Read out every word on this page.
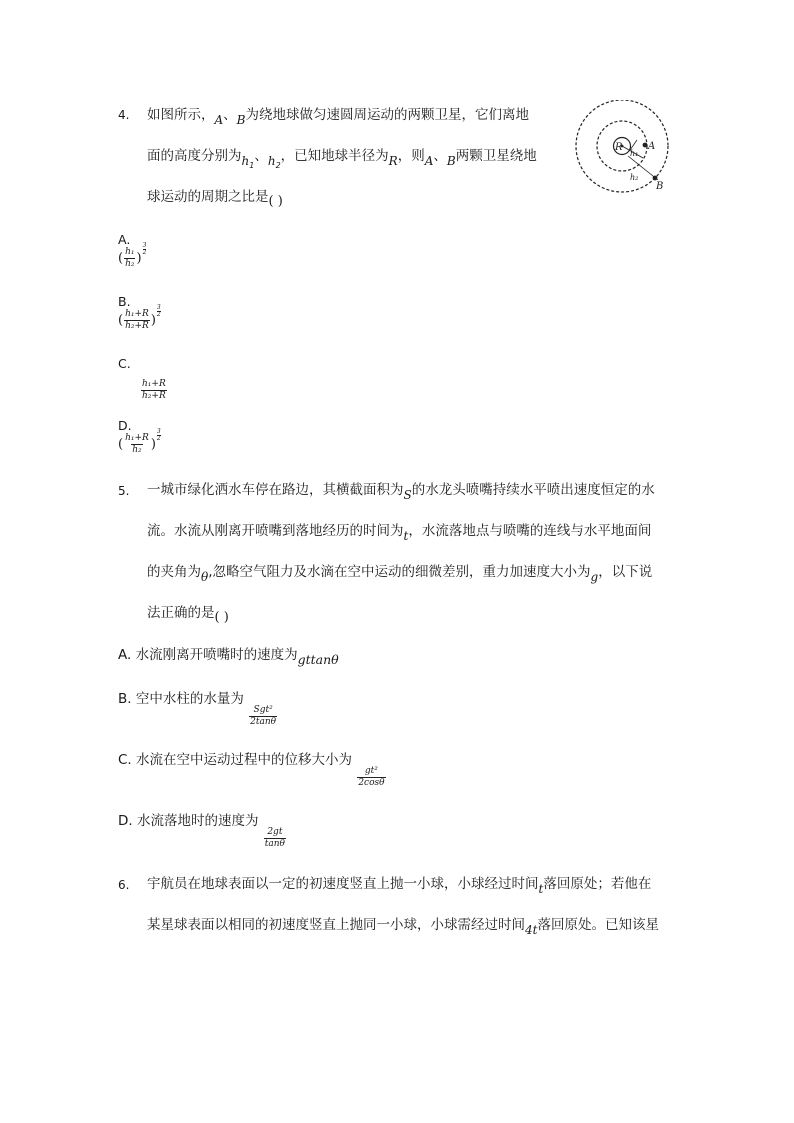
4. 如图所示，A、B为绕地球做匀速圆周运动的两颗卫星，它们离地
面的高度分别为$h_1$、$h_2$，已知地球半径为R，则A、B两颗卫星绕地
球运动的周期之比是( )
R
h₁
A
h₂
B
A.
( $\frac{\text{h₁}}{\text{h₂}}$ )
3
2
B.
( $\frac{\text{h₁+R}}{\text{h₂+R}}$ )
3
2
C.
$\frac{\text{h₁+R}}{\text{h₂+R}}$
D.
( $\frac{\text{h₁+R}}{\text{h₂}}$ )
3
2
5. 一城市绿化洒水车停在路边，其横截面积为S的水龙头喷嘴持续水平喷出速度恒定的水
流。水流从刚离开喷嘴到落地经历的时间为t，水流落地点与喷嘴的连线与水平地面间
的夹角为θ,忽略空气阻力及水滴在空中运动的细微差别，重力加速度大小为g，以下说
法正确的是( )
A. 水流刚离开喷嘴时的速度为gttanθ
B. 空中水柱的水量为
$\frac{\text{Sgt²}}{2\tan\theta}$
C. 水流在空中运动过程中的位移大小为
$\frac{\text{gt²}}{2\cos\theta}$
D. 水流落地时的速度为
$\frac{2gt}{\tan\theta}$
6. 宇航员在地球表面以一定的初速度竖直上抛一小球，小球经过时间t落回原处；若他在
某星球表面以相同的初速度竖直上抛同一小球，小球需经过时间4t落回原处。已知该星
